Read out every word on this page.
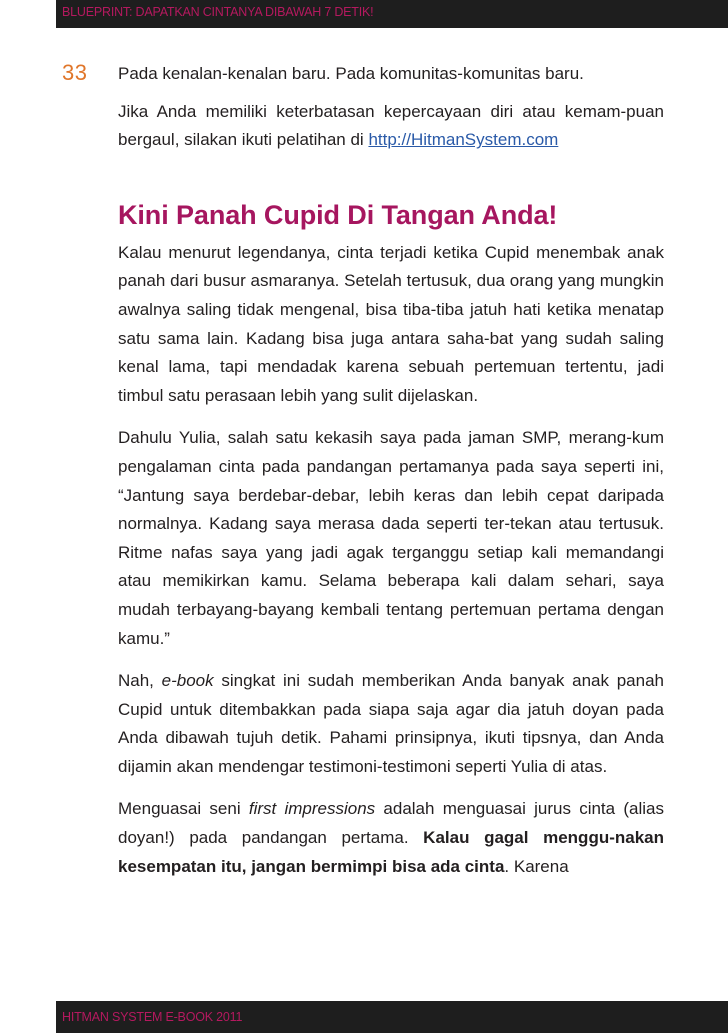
BLUEPRINT: DAPATKAN CINTANYA DIBAWAH 7 DETIK!
33 Pada kenalan-kenalan baru. Pada komunitas-komunitas baru.

Jika Anda memiliki keterbatasan kepercayaan diri atau kemam-puan bergaul, silakan ikuti pelatihan di http://HitmanSystem.com

Kini Panah Cupid Di Tangan Anda!

Kalau menurut legendanya, cinta terjadi ketika Cupid menembak anak panah dari busur asmaranya. Setelah tertusuk, dua orang yang mungkin awalnya saling tidak mengenal, bisa tiba-tiba jatuh hati ketika menatap satu sama lain. Kadang bisa juga antara saha-bat yang sudah saling kenal lama, tapi mendadak karena sebuah pertemuan tertentu, jadi timbul satu perasaan lebih yang sulit dijelaskan.

Dahulu Yulia, salah satu kekasih saya pada jaman SMP, merang-kum pengalaman cinta pada pandangan pertamanya pada saya seperti ini, “Jantung saya berdebar-debar, lebih keras dan lebih cepat daripada normalnya. Kadang saya merasa dada seperti ter-tekan atau tertusuk. Ritme nafas saya yang jadi agak terganggu setiap kali memandangi atau memikirkan kamu. Selama beberapa kali dalam sehari, saya mudah terbayang-bayang kembali tentang pertemuan pertama dengan kamu.”

Nah, e-book singkat ini sudah memberikan Anda banyak anak panah Cupid untuk ditembakkan pada siapa saja agar dia jatuh doyan pada Anda dibawah tujuh detik. Pahami prinsipnya, ikuti tipsnya, dan Anda dijamin akan mendengar testimoni-testimoni seperti Yulia di atas.

Menguasai seni first impressions adalah menguasai jurus cinta (alias doyan!) pada pandangan pertama. Kalau gagal menggu-nakan kesempatan itu, jangan bermimpi bisa ada cinta. Karena

HITMAN SYSTEM E-BOOK 2011
